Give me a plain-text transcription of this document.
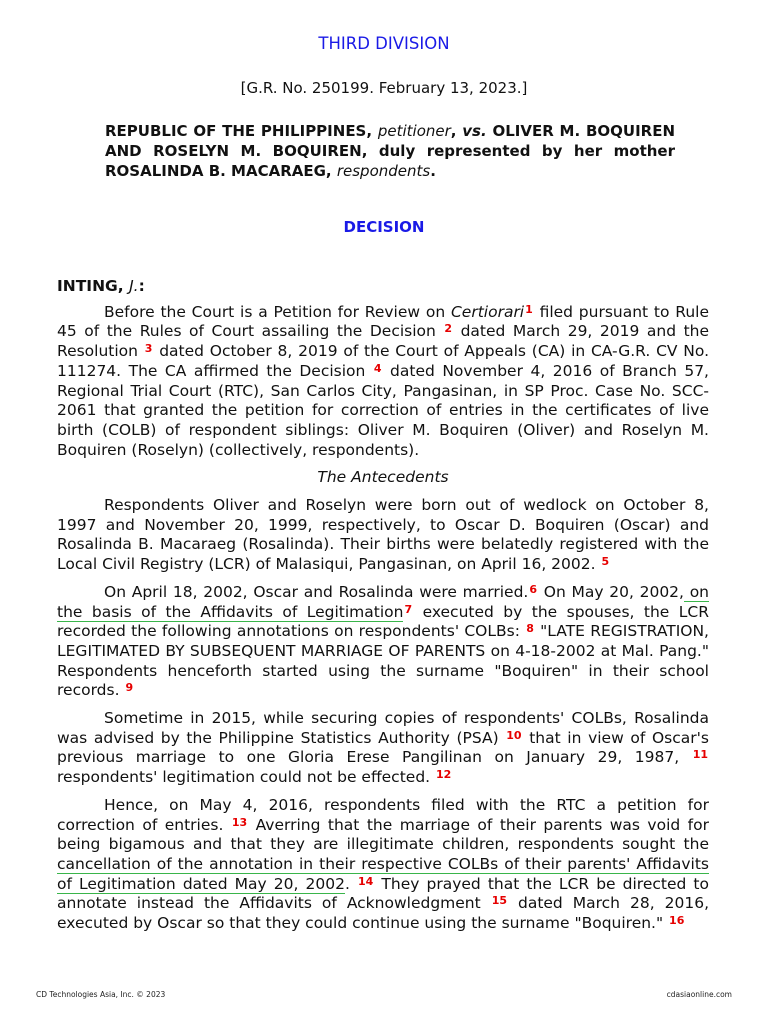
THIRD DIVISION
[G.R. No. 250199. February 13, 2023.]
REPUBLIC OF THE PHILIPPINES, petitioner, vs. OLIVER M. BOQUIREN AND ROSELYN M. BOQUIREN, duly represented by her mother ROSALINDA B. MACARAEG, respondents.
DECISION
INTING, J.:

Before the Court is a Petition for Review on Certiorari$^1$ filed pursuant to Rule 45 of the Rules of Court assailing the Decision $^2$ dated March 29, 2019 and the Resolution $^3$ dated October 8, 2019 of the Court of Appeals (CA) in CA-G.R. CV No. 111274. The CA affirmed the Decision $^4$ dated November 4, 2016 of Branch 57, Regional Trial Court (RTC), San Carlos City, Pangasinan, in SP Proc. Case No. SCC-2061 that granted the petition for correction of entries in the certificates of live birth (COLB) of respondent siblings: Oliver M. Boquiren (Oliver) and Roselyn M. Boquiren (Roselyn) (collectively, respondents).

The Antecedents

Respondents Oliver and Roselyn were born out of wedlock on October 8, 1997 and November 20, 1999, respectively, to Oscar D. Boquiren (Oscar) and Rosalinda B. Macaraeg (Rosalinda). Their births were belatedly registered with the Local Civil Registry (LCR) of Malasiqui, Pangasinan, on April 16, 2002. $^5$

On April 18, 2002, Oscar and Rosalinda were married.$^6$ On May 20, 2002, on the basis of the Affidavits of Legitimation$^7$ executed by the spouses, the LCR recorded the following annotations on respondents' COLBs: $^8$ "LATE REGISTRATION, LEGITIMATED BY SUBSEQUENT MARRIAGE OF PARENTS on 4-18-2002 at Mal. Pang." Respondents henceforth started using the surname "Boquiren" in their school records. $^9$

Sometime in 2015, while securing copies of respondents' COLBs, Rosalinda was advised by the Philippine Statistics Authority (PSA) $^{10}$ that in view of Oscar's previous marriage to one Gloria Erese Pangilinan on January 29, 1987, $^{11}$ respondents' legitimation could not be effected. $^{12}$

Hence, on May 4, 2016, respondents filed with the RTC a petition for correction of entries. $^{13}$ Averring that the marriage of their parents was void for being bigamous and that they are illegitimate children, respondents sought the cancellation of the annotation in their respective COLBs of their parents' Affidavits of Legitimation dated May 20, 2002. $^{14}$ They prayed that the LCR be directed to annotate instead the Affidavits of Acknowledgment $^{15}$ dated March 28, 2016, executed by Oscar so that they could continue using the surname "Boquiren." $^{16}$

CD Technologies Asia, Inc. © 2023	cdasiaonline.com
